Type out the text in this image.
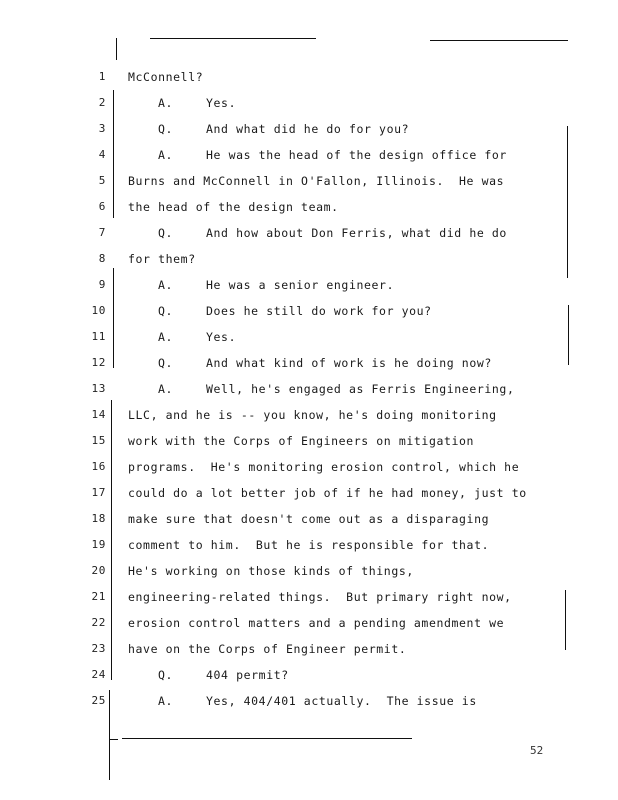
1 McConnell?
2	A.	Yes.
3	Q.	And what did he do for you?
4	A.	He was the head of the design office for
5 Burns and McConnell in O'Fallon, Illinois.  He was
6 the head of the design team.
7	Q.	And how about Don Ferris, what did he do
8 for them?
9	A.	He was a senior engineer.
10	Q.	Does he still do work for you?
11	A.	Yes.
12	Q.	And what kind of work is he doing now?
13	A.	Well, he's engaged as Ferris Engineering,
14 LLC, and he is -- you know, he's doing monitoring
15 work with the Corps of Engineers on mitigation
16 programs.  He's monitoring erosion control, which he
17 could do a lot better job of if he had money, just to
18 make sure that doesn't come out as a disparaging
19 comment to him.  But he is responsible for that.
20 He's working on those kinds of things,
21 engineering-related things.  But primary right now,
22 erosion control matters and a pending amendment we
23 have on the Corps of Engineer permit.
24	Q.	404 permit?
25	A.	Yes, 404/401 actually.  The issue is
52
